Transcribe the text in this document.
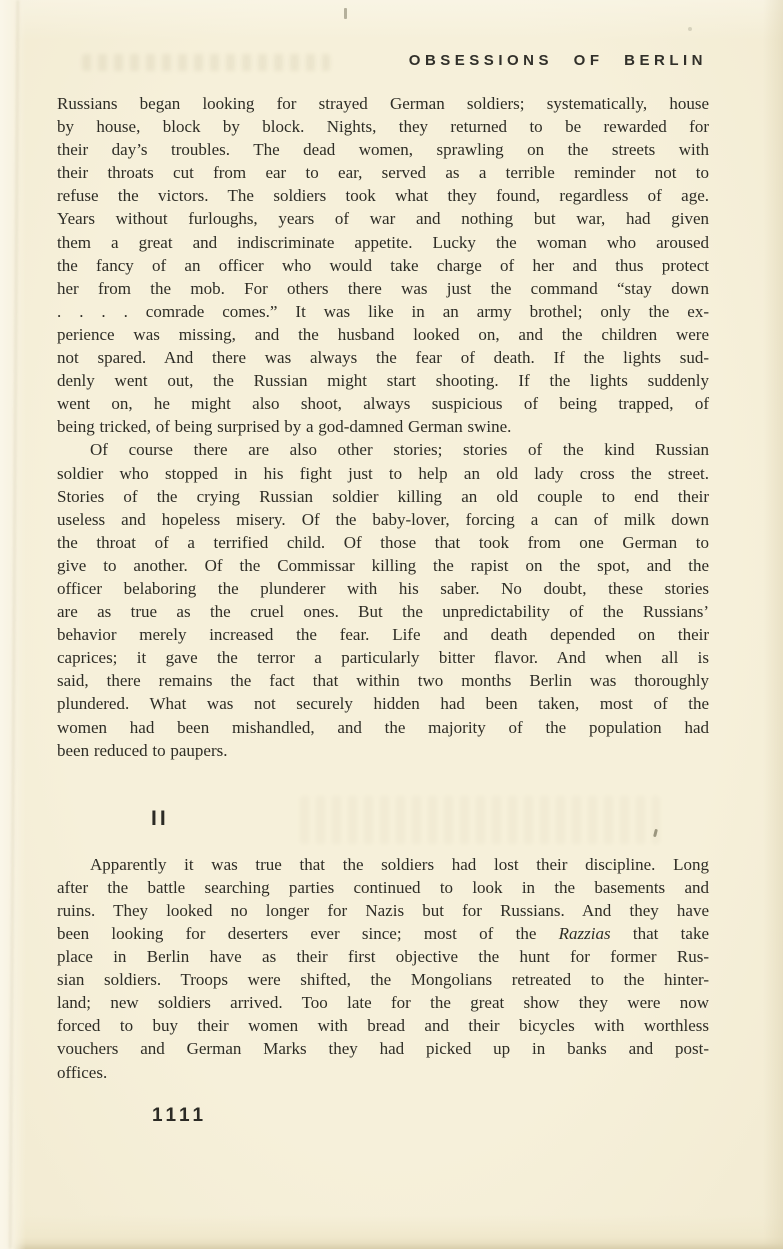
OBSESSIONS OF BERLIN
Russians began looking for strayed German soldiers; systematically, house
by house, block by block. Nights, they returned to be rewarded for
their day’s troubles. The dead women, sprawling on the streets with
their throats cut from ear to ear, served as a terrible reminder not to
refuse the victors. The soldiers took what they found, regardless of age.
Years without furloughs, years of war and nothing but war, had given
them a great and indiscriminate appetite. Lucky the woman who aroused
the fancy of an officer who would take charge of her and thus protect
her from the mob. For others there was just the command “stay down
. . . . comrade comes.” It was like in an army brothel; only the ex-
perience was missing, and the husband looked on, and the children were
not spared. And there was always the fear of death. If the lights sud-
denly went out, the Russian might start shooting. If the lights suddenly
went on, he might also shoot, always suspicious of being trapped, of
being tricked, of being surprised by a god-damned German swine.
Of course there are also other stories; stories of the kind Russian
soldier who stopped in his fight just to help an old lady cross the street.
Stories of the crying Russian soldier killing an old couple to end their
useless and hopeless misery. Of the baby-lover, forcing a can of milk down
the throat of a terrified child. Of those that took from one German to
give to another. Of the Commissar killing the rapist on the spot, and the
officer belaboring the plunderer with his saber. No doubt, these stories
are as true as the cruel ones. But the unpredictability of the Russians’
behavior merely increased the fear. Life and death depended on their
caprices; it gave the terror a particularly bitter flavor. And when all is
said, there remains the fact that within two months Berlin was thoroughly
plundered. What was not securely hidden had been taken, most of the
women had been mishandled, and the majority of the population had
been reduced to paupers.
II
Apparently it was true that the soldiers had lost their discipline. Long
after the battle searching parties continued to look in the basements and
ruins. They looked no longer for Nazis but for Russians. And they have
been looking for deserters ever since; most of the Razzias that take
place in Berlin have as their first objective the hunt for former Rus-
sian soldiers. Troops were shifted, the Mongolians retreated to the hinter-
land; new soldiers arrived. Too late for the great show they were now
forced to buy their women with bread and their bicycles with worthless
vouchers and German Marks they had picked up in banks and post-
offices.
1111
